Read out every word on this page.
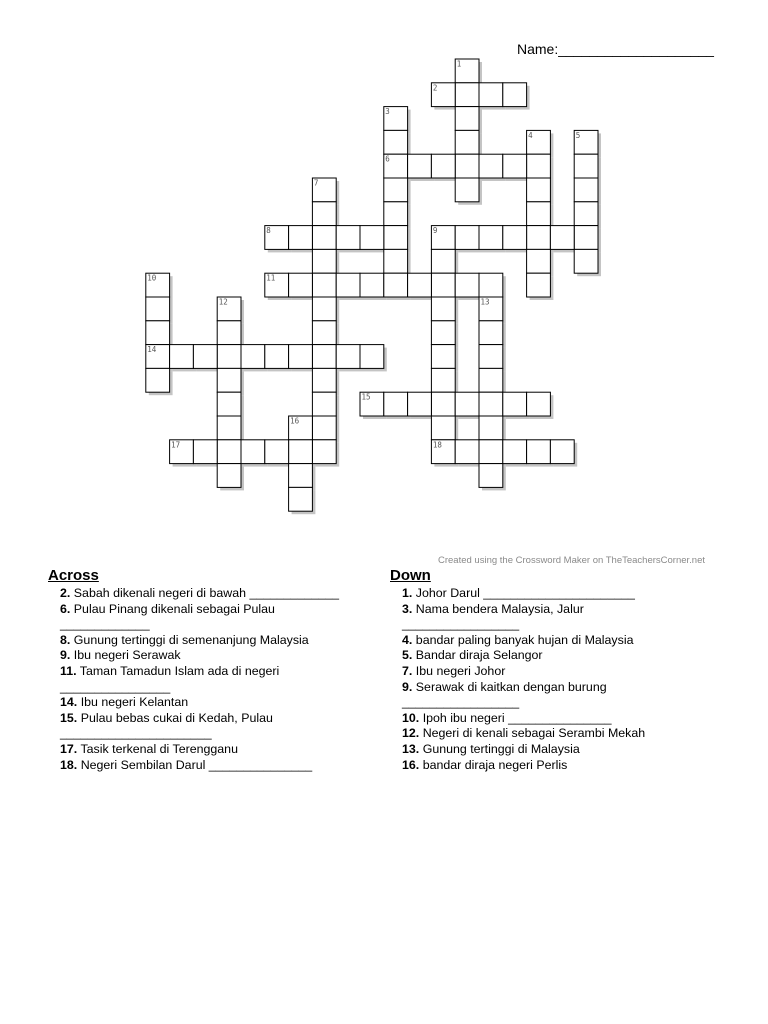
Name:____________________
1
2
3
6
4	5
7
8	9
10
14
11
12	13
15
16
17	18
Created using the Crossword Maker on TheTeachersCorner.net
Across
2. Sabah dikenali negeri di bawah _____________
6. Pulau Pinang dikenali sebagai Pulau
_____________
8. Gunung tertinggi di semenanjung Malaysia
9. Ibu negeri Serawak
11. Taman Tamadun Islam ada di negeri
________________
14. Ibu negeri Kelantan
15. Pulau bebas cukai di Kedah, Pulau
______________________
17. Tasik terkenal di Terengganu
18. Negeri Sembilan Darul _______________
Down
1. Johor Darul ______________________
3. Nama bendera Malaysia, Jalur
_________________
4. bandar paling banyak hujan di Malaysia
5. Bandar diraja Selangor
7. Ibu negeri Johor
9. Serawak di kaitkan dengan burung
_________________
10. Ipoh ibu negeri _______________
12. Negeri di kenali sebagai Serambi Mekah
13. Gunung tertinggi di Malaysia
16. bandar diraja negeri Perlis
